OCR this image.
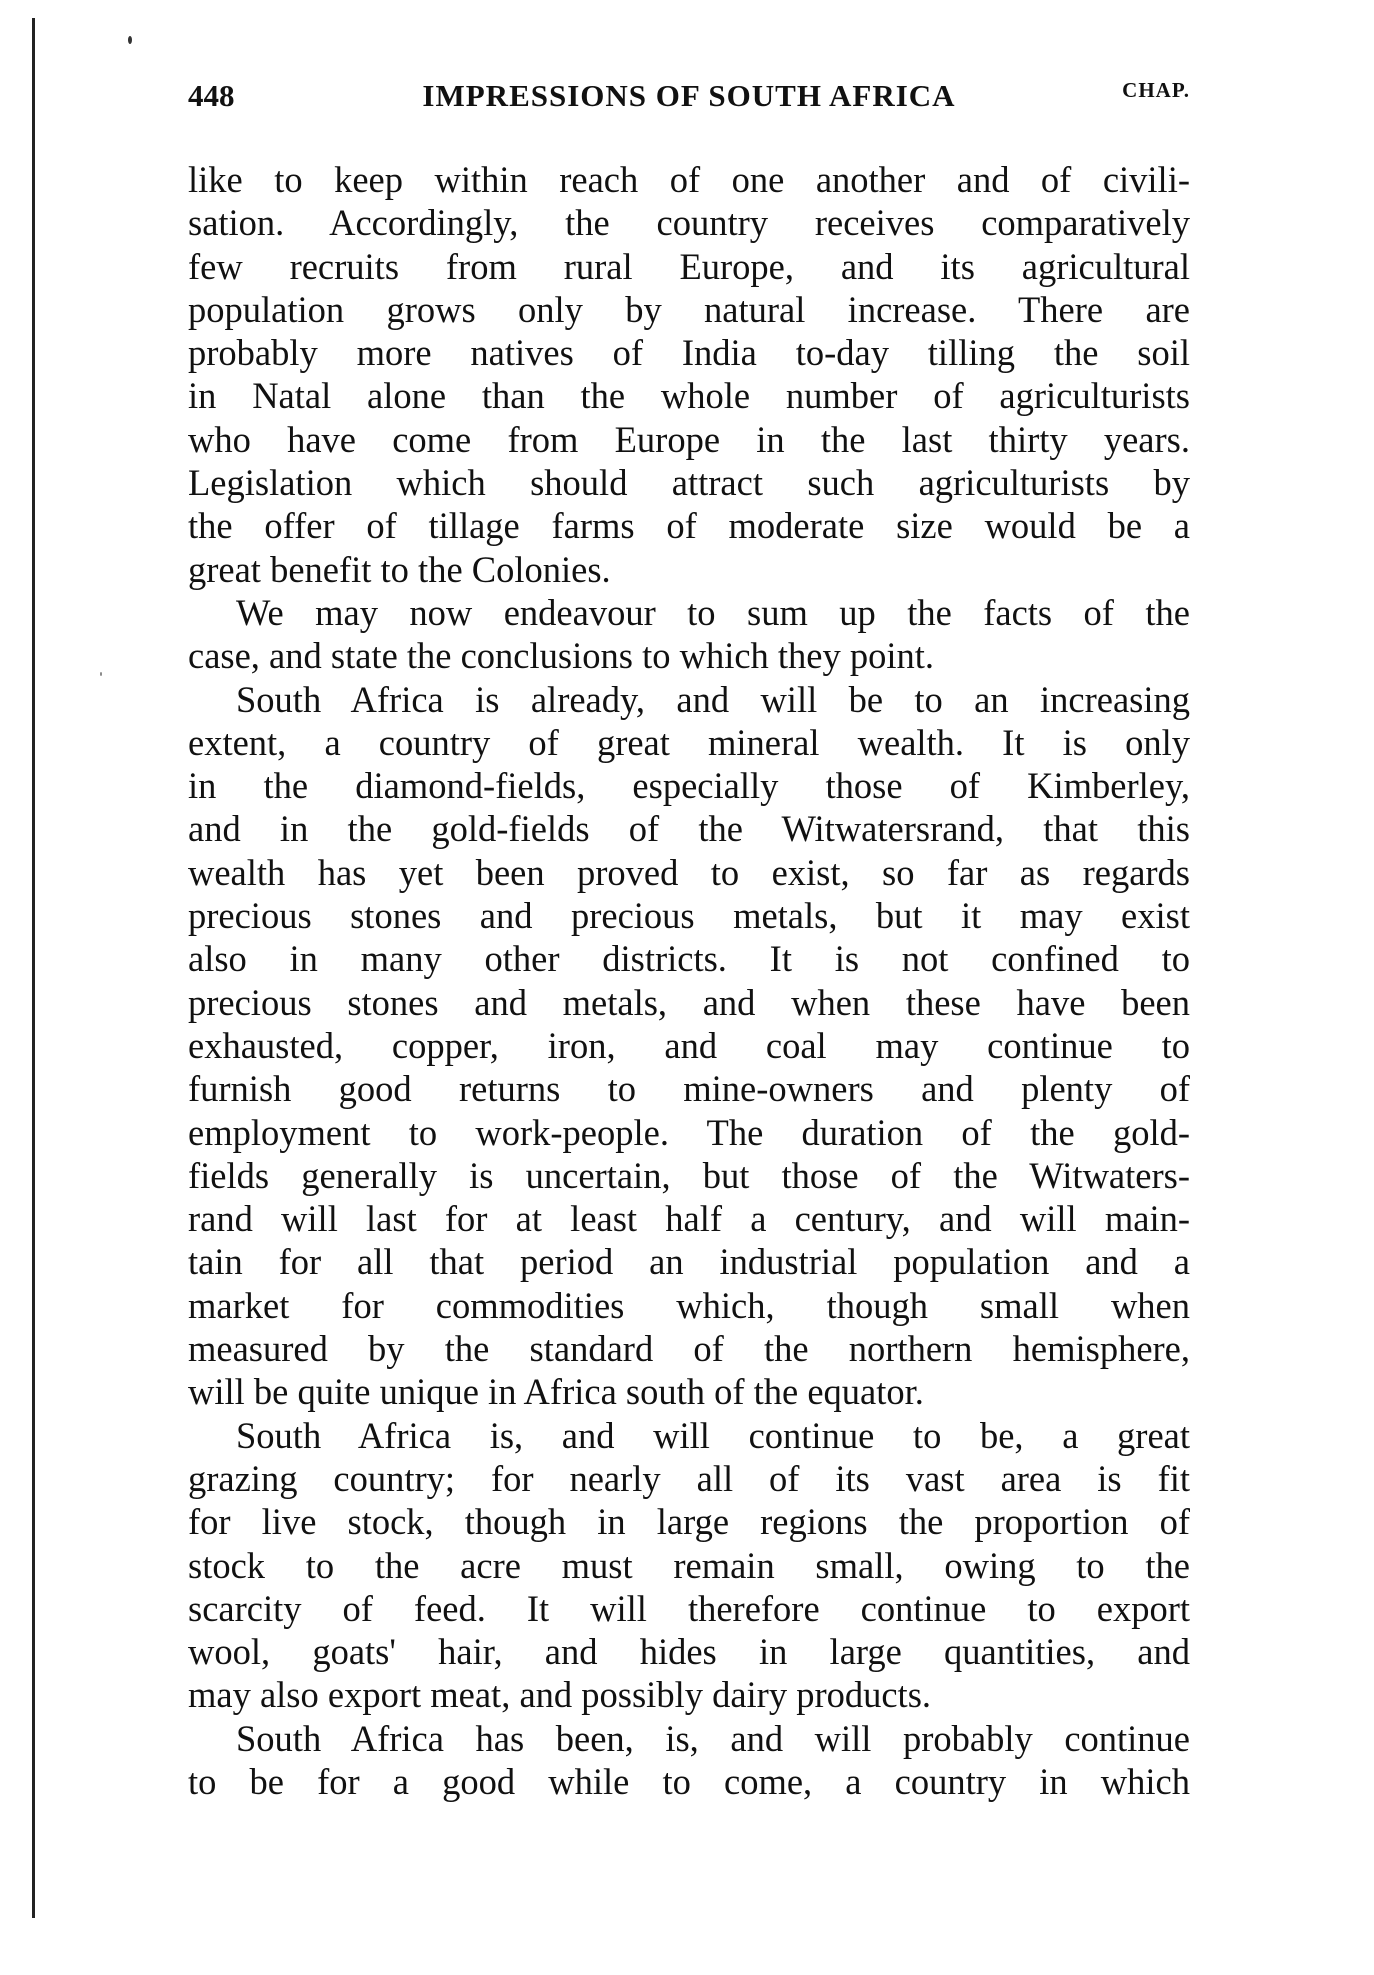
448	IMPRESSIONS OF SOUTH AFRICA	CHAP.
like to keep within reach of one another and of civili-
sation. Accordingly, the country receives comparatively
few recruits from rural Europe, and its agricultural
population grows only by natural increase. There are
probably more natives of India to-day tilling the soil
in Natal alone than the whole number of agriculturists
who have come from Europe in the last thirty years.
Legislation which should attract such agriculturists by
the offer of tillage farms of moderate size would be a
great benefit to the Colonies.
We may now endeavour to sum up the facts of the
case, and state the conclusions to which they point.
South Africa is already, and will be to an increasing
extent, a country of great mineral wealth. It is only
in the diamond-fields, especially those of Kimberley,
and in the gold-fields of the Witwatersrand, that this
wealth has yet been proved to exist, so far as regards
precious stones and precious metals, but it may exist
also in many other districts. It is not confined to
precious stones and metals, and when these have been
exhausted, copper, iron, and coal may continue to
furnish good returns to mine-owners and plenty of
employment to work-people. The duration of the gold-
fields generally is uncertain, but those of the Witwaters-
rand will last for at least half a century, and will main-
tain for all that period an industrial population and a
market for commodities which, though small when
measured by the standard of the northern hemisphere,
will be quite unique in Africa south of the equator.
South Africa is, and will continue to be, a great
grazing country; for nearly all of its vast area is fit
for live stock, though in large regions the proportion of
stock to the acre must remain small, owing to the
scarcity of feed. It will therefore continue to export
wool, goats' hair, and hides in large quantities, and
may also export meat, and possibly dairy products.
South Africa has been, is, and will probably continue
to be for a good while to come, a country in which
